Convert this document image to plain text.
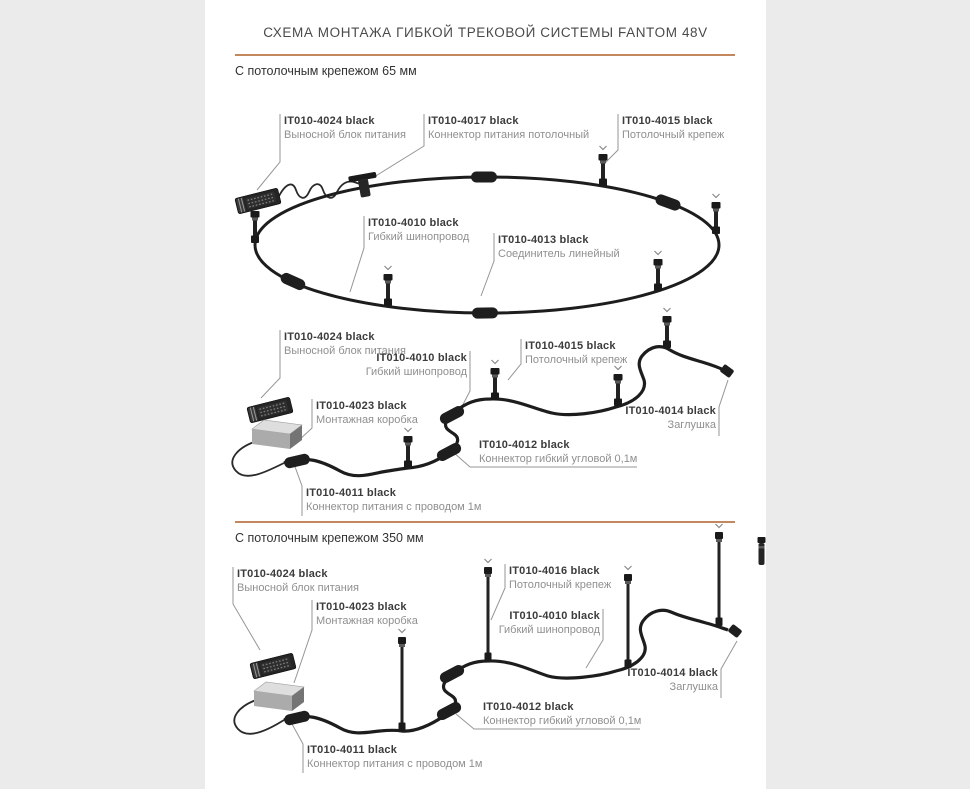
СХЕМА МОНТАЖА ГИБКОЙ ТРЕКОВОЙ СИСТЕМЫ FANTOM 48V
С потолочным крепежом 65 мм
С потолочным крепежом 350 мм
IT010-4024 black
Выносной блок питания
IT010-4017 black
Коннектор питания потолочный
IT010-4015 black
Потолочный крепеж
IT010-4010 black
Гибкий шинопровод	IT010-4013 black
Соединитель линейный
IT010-4024 black
Выносной блок питания
IT010-4010 black
Гибкий шинопровод
IT010-4015 black
Потолочный крепеж
IT010-4023 black
Монтажная коробка
IT010-4014 black
Заглушка
IT010-4012 black
Коннектор гибкий угловой 0,1м
IT010-4011 black
Коннектор питания с проводом 1м
IT010-4024 black
Выносной блок питания
IT010-4023 black
Монтажная коробка
IT010-4016 black
Потолочный крепеж
IT010-4010 black
Гибкий шинопровод
IT010-4014 black
Заглушка
IT010-4012 black
Коннектор гибкий угловой 0,1м
IT010-4011 black
Коннектор питания с проводом 1м
